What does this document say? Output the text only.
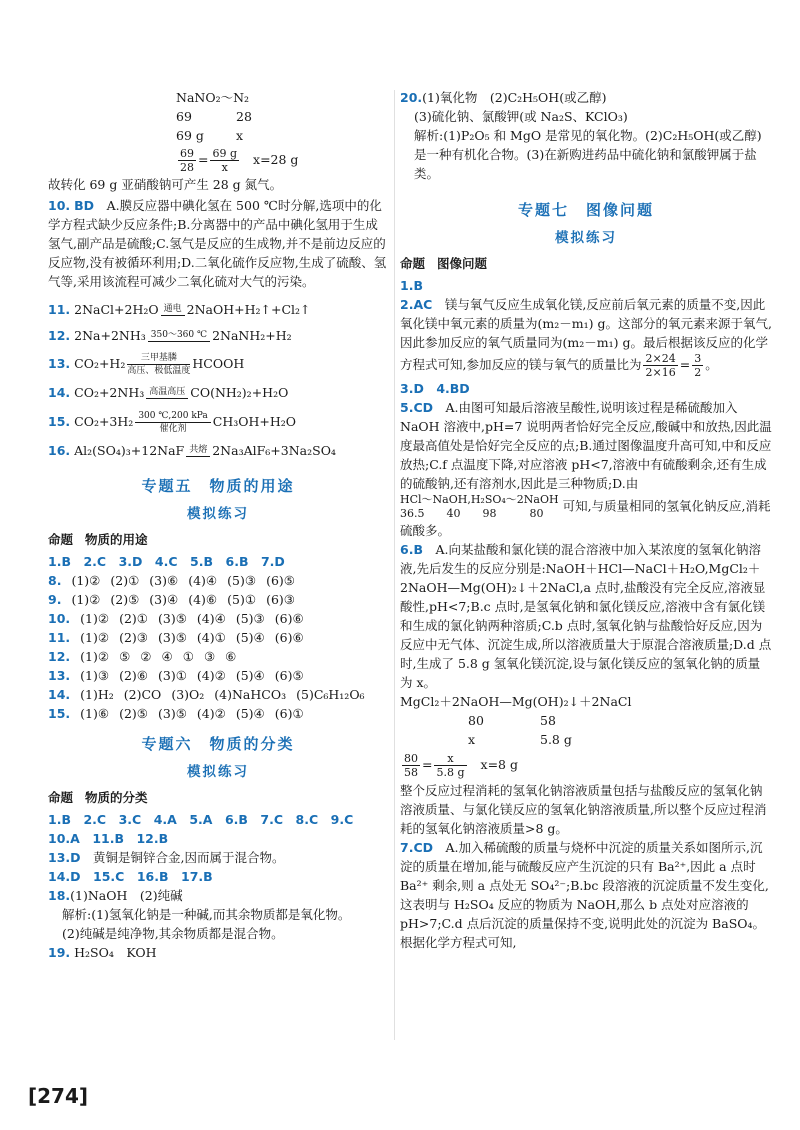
NaNO₂～N₂
69	28
69 g	x
$\frac{69}{28} = \frac{69 g}{x} x=28$ g
故转化 69 g 亚硝酸钠可产生 28 g 氮气。
10. BD　 A.膜反应器中碘化氢在 500 ℃时分解,选项中的化学方程式缺少反应条件;B.分离器中的产品中碘化氢用于生成氢气,副产品是硫酸;C.氢气是反应的生成物,并不是前边反应的反应物,没有被循环利用;D.二氧化硫作反应物,生成了硫酸、氢气等,采用该流程可减少二氧化硫对大气的污染。
11. 2NaCl+2H₂O 通电 2NaOH+H₂↑+Cl₂↑
12. 2Na+2NH₃ 350～360 ℃ 2NaNH₂+H₂
13. CO₂+H₂	三甲基膦
高压、极低温度 HCOOH
14. CO₂+2NH₃ 高温高压 CO(NH₂)₂+H₂O
15. CO₂+3H₂ 300 ℃,200 kPa
催化剂	CH₃OH+H₂O
16. Al₂(SO₄)₃+12NaF 共熔 2Na₃AlF₆+3Na₂SO₄
专题五　物质的用途
模拟练习
命题 物质的用途
1.B　2.C　3.D　4.C　5.B　6.B　7.D
8. (1)② (2)① (3)⑥ (4)④ (5)③ (6)⑤
9. (1)② (2)⑤ (3)④ (4)⑥ (5)① (6)③
10. (1)② (2)① (3)⑤ (4)④ (5)③ (6)⑥
11. (1)② (2)③ (3)⑤ (4)① (5)④ (6)⑥
12. (1)② ⑤ ② ④ ① ③ ⑥
13. (1)③ (2)⑥ (3)① (4)② (5)④ (6)⑤
14. (1)H₂ (2)CO (3)O₂ (4)NaHCO₃ (5)C₆H₁₂O₆
15. (1)⑥ (2)⑤ (3)⑤ (4)② (5)④ (6)①
专题六　物质的分类
模拟练习
命题 物质的分类
1.B　2.C　3.C　4.A　5.A　6.B　7.C　8.C　9.C
10.A　11.B　12.B
13.D　 黄铜是铜锌合金,因而属于混合物。
14.D　15.C　16.B　17.B
18.(1)NaOH　(2)纯碱
解析:(1)氢氧化钠是一种碱,而其余物质都是氧化物。
(2)纯碱是纯净物,其余物质都是混合物。
19. H₂SO₄　KOH
[274]
20.(1)氧化物　(2)C₂H₅OH(或乙醇)
(3)硫化钠、氯酸钾(或 Na₂S、KClO₃)
解析:(1)P₂O₅ 和 MgO 是常见的氧化物。(2)C₂H₅OH(或乙醇)是一种有机化合物。(3)在新购进药品中硫化钠和氯酸钾属于盐类。
专题七　图像问题
模拟练习
命题 图像问题
1.B
2.AC　 镁与氧气反应生成氧化镁,反应前后氧元素的质量不变,因此氧化镁中氧元素的质量为(m₂－m₁) g。这部分的氧元素来源于氧气,因此参加反应的氧气质量同为(m₂－m₁) g。最后根据该反应的化学方程式可知,参加反应的镁与氧气的质量比为 $\frac{2\times 24}{2\times 16} = \frac{3}{2}$ 。
3.D　4.BD
5.CD　 A.由图可知最后溶液呈酸性,说明该过程是稀硫酸加入 NaOH 溶液中,pH=7 说明两者恰好完全反应,酸碱中和放热,因此温度最高值处是恰好完全反应的点;B.通过图像温度升高可知,中和反应放热;C.f 点温度下降,对应溶液 pH<7,溶液中有硫酸剩余,还有生成的硫酸钠,还有溶剂水,因此是三种物质;D.由
HCl～NaOH,H₂SO₄～2NaOH
36.5　　40　　98　　　80	可知,与质量相同的氢氧化钠反应,消耗硫酸多。
6.B　 A.向某盐酸和氯化镁的混合溶液中加入某浓度的氢氧化钠溶液,先后发生的反应分别是:NaOH＋HCl—NaCl＋H₂O,MgCl₂＋2NaOH—Mg(OH)₂↓＋2NaCl,a 点时,盐酸没有完全反应,溶液显酸性,pH<7;B.c 点时,是氢氧化钠和氯化镁反应,溶液中含有氯化镁和生成的氯化钠两种溶质;C.b 点时,氢氧化钠与盐酸恰好反应,因为反应中无气体、沉淀生成,所以溶液质量大于原混合溶液质量;D.d 点时,生成了 5.8 g 氢氧化镁沉淀,设与氯化镁反应的氢氧化钠的质量为 x。
MgCl₂＋2NaOH—Mg(OH)₂↓＋2NaCl
80	58
x	5.8 g
$\frac{80}{58} = \frac{x}{5.8 g} x=8$ g
整个反应过程消耗的氢氧化钠溶液质量包括与盐酸反应的氢氧化钠溶液质量、与氯化镁反应的氢氧化钠溶液质量,所以整个反应过程消耗的氢氧化钠溶液质量>8 g。
7.CD　 A.加入稀硫酸的质量与烧杯中沉淀的质量关系如图所示,沉淀的质量在增加,能与硫酸反应产生沉淀的只有 Ba²⁺,因此 a 点时 Ba²⁺ 剩余,则 a 点处无 SO₄²⁻;B.bc 段溶液的沉淀质量不发生变化,这表明与 H₂SO₄ 反应的物质为 NaOH,那么 b 点处对应溶液的 pH>7;C.d 点后沉淀的质量保持不变,说明此处的沉淀为 BaSO₄。根据化学方程式可知,
